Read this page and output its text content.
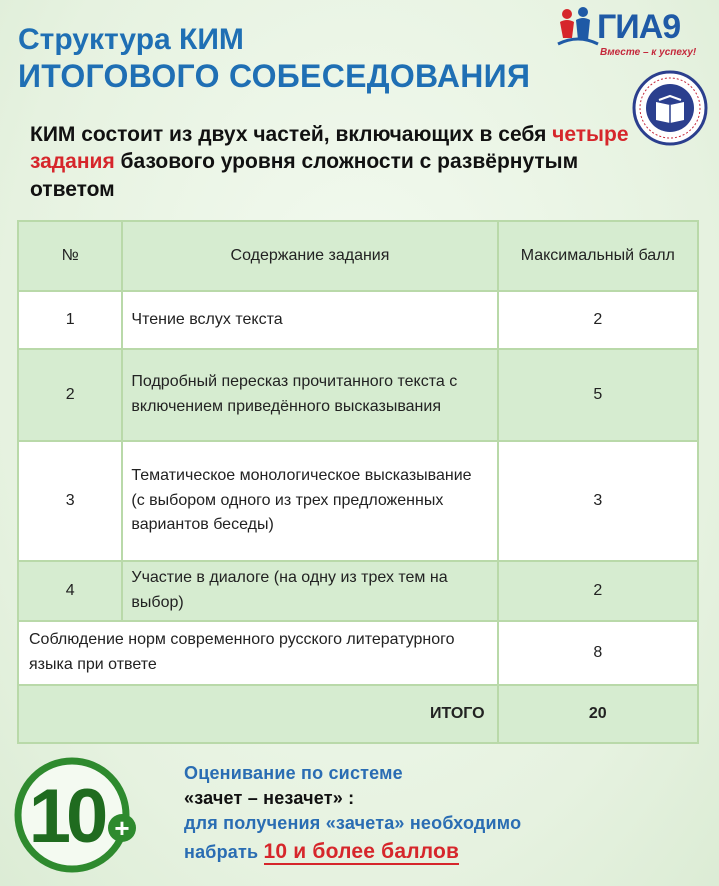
Структура КИМ
ИТОГОВОГО СОБЕСЕДОВАНИЯ
ГИА9
Вместе – к успеху!
КИМ состоит из двух частей, включающих в себя четыре задания базового уровня сложности с развёрнутым ответом
№	Содержание задания	Максимальный балл
1	Чтение вслух текста	2
2	Подробный пересказ прочитанного текста с включением приведённого высказывания	5
3	Тематическое монологическое высказывание (с выбором одного из трех предложенных вариантов беседы)	3
4	Участие в диалоге (на одну из трех тем на выбор)	2
Соблюдение норм современного русского литературного языка при ответе		8
ИТОГО		20
10 +
Оценивание по системе
«зачет – незачет» :
для получения «зачета» необходимо
набрать 10 и более баллов
